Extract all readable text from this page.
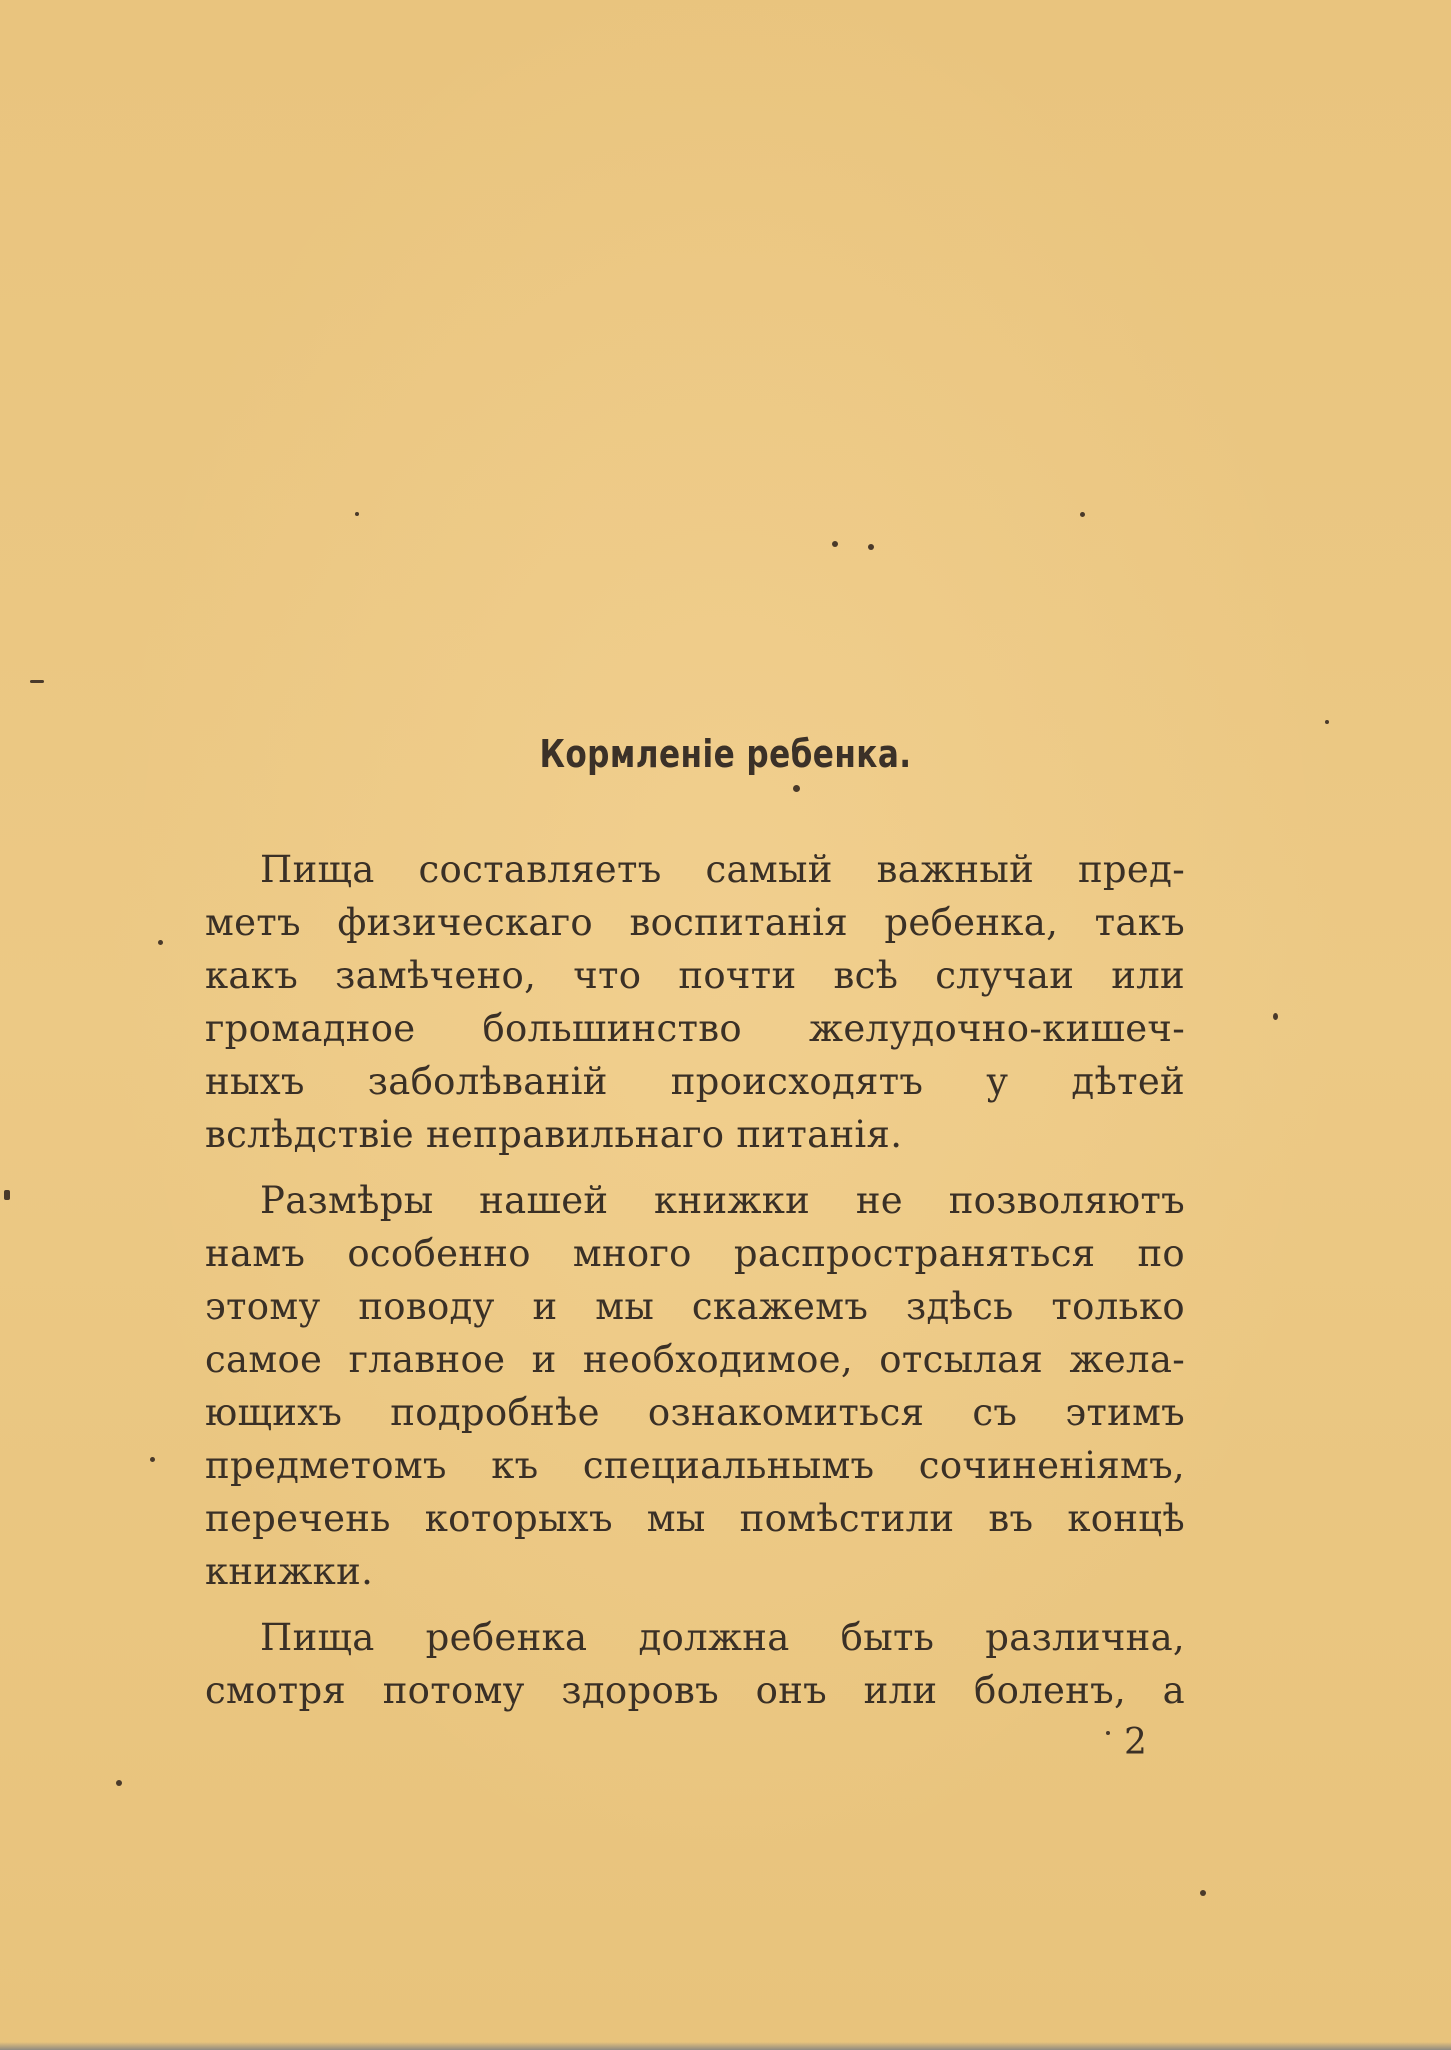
Кормленіе ребенка.
Пища составляетъ самый важный пред-
метъ физическаго воспитанія ребенка, такъ
какъ замѣчено, что почти всѣ случаи или
громадное большинство желудочно-кишеч-
ныхъ заболѣваній происходятъ у дѣтей
вслѣдствіе неправильнаго питанія.
Размѣры нашей книжки не позволяютъ
намъ особенно много распространяться по
этому поводу и мы скажемъ здѣсь только
самое главное и необходимое, отсылая жела-
ющихъ подробнѣе ознакомиться съ этимъ
предметомъ къ специальнымъ сочиненіямъ,
перечень которыхъ мы помѣстили въ концѣ
книжки.
Пища ребенка должна быть различна,
смотря потому здоровъ онъ или боленъ, а
2
